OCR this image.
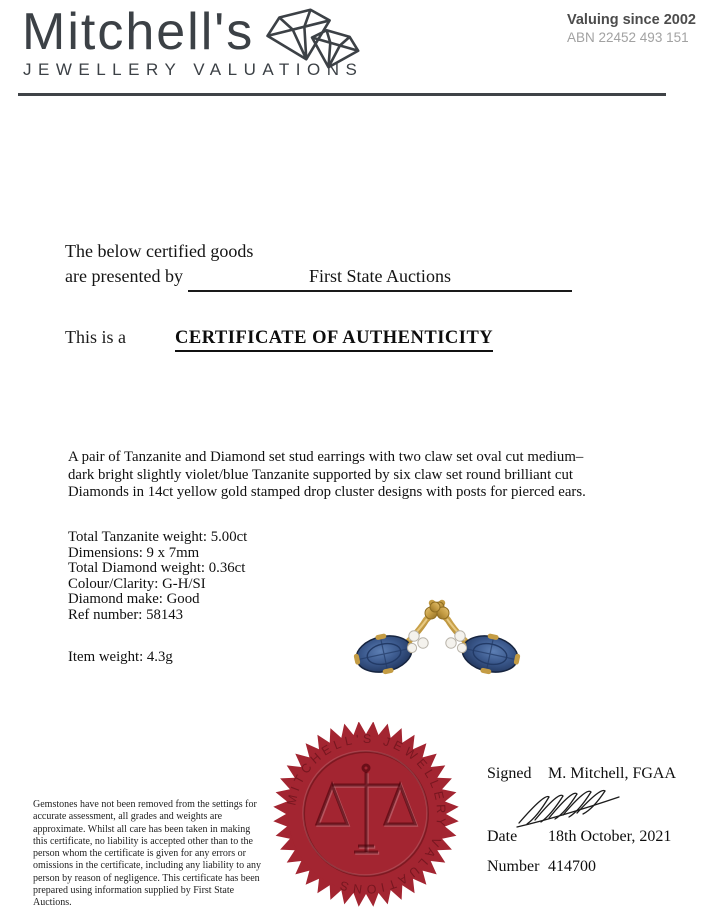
Mitchell's
JEWELLERY VALUATIONS
Valuing since 2002
ABN 22452 493 151
The below certified goods
are presented by	First State Auctions
This is a	CERTIFICATE OF AUTHENTICITY
A pair of Tanzanite and Diamond set stud earrings with two claw set oval cut medium–dark bright slightly violet/blue Tanzanite supported by six claw set round brilliant cut Diamonds in 14ct yellow gold stamped drop cluster designs with posts for pierced ears.
Total Tanzanite weight: 5.00ct
Dimensions: 9 x 7mm
Total Diamond weight: 0.36ct
Colour/Clarity: G-H/SI
Diamond make: Good
Ref number: 58143
Item weight: 4.3g
MITCHELL'S JEWELLERY VALUATIONS
Gemstones have not been removed from the settings for accurate assessment, all grades and weights are approximate. Whilst all care has been taken in making this certificate, no liability is accepted other than to the person whom the certificate is given for any errors or omissions in the certificate, including any liability to any person by reason of negligence. This certificate has been prepared using information supplied by First State Auctions.
Signed	M. Mitchell, FGAA
Date	18th October, 2021
Number 414700
